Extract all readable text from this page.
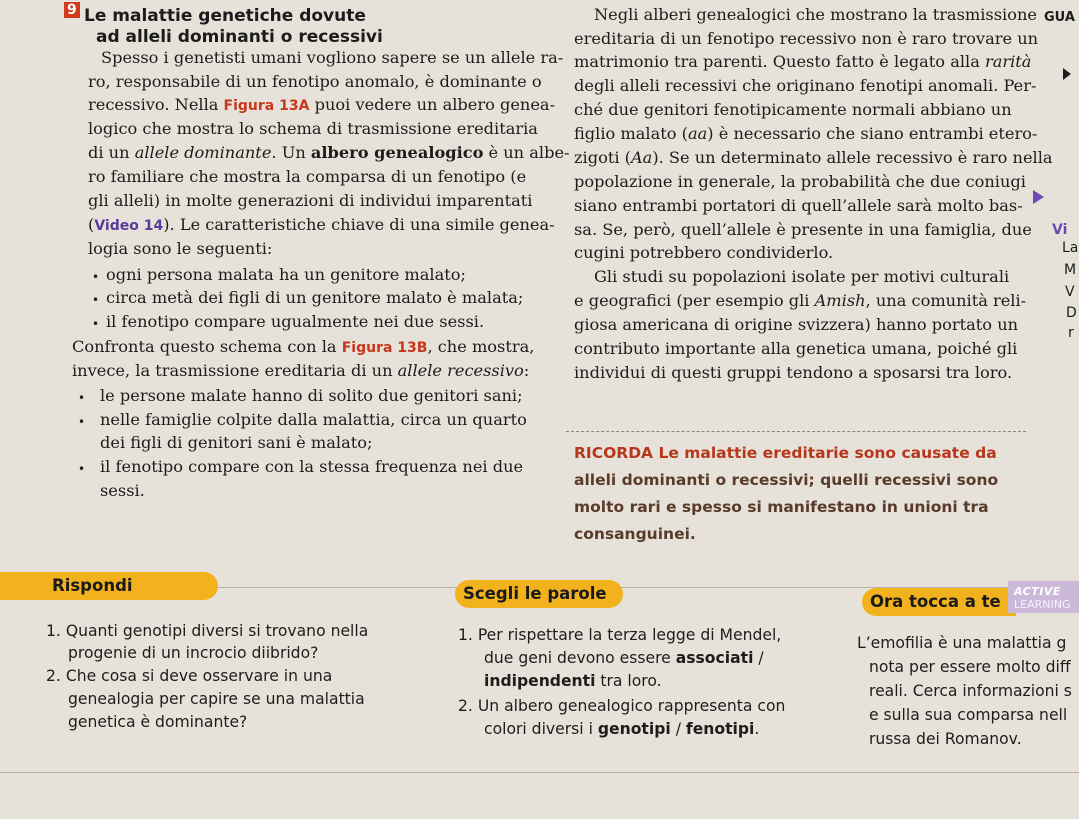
9 Le malattie genetiche dovute
ad alleli dominanti o recessivi
Spesso i genetisti umani vogliono sapere se un allele ra-
ro, responsabile di un fenotipo anomalo, è dominante o
recessivo. Nella Figura 13A puoi vedere un albero genea-
logico che mostra lo schema di trasmissione ereditaria
di un allele dominante. Un albero genealogico è un albe-
ro familiare che mostra la comparsa di un fenotipo (e
gli alleli) in molte generazioni di individui imparentati
(Video 14). Le caratteristiche chiave di una simile genea-
logia sono le seguenti:
• ogni persona malata ha un genitore malato;
• circa metà dei figli di un genitore malato è malata;
• il fenotipo compare ugualmente nei due sessi.
Confronta questo schema con la Figura 13B, che mostra,
invece, la trasmissione ereditaria di un allele recessivo:
• le persone malate hanno di solito due genitori sani;
• nelle famiglie colpite dalla malattia, circa un quarto
dei figli di genitori sani è malato;
• il fenotipo compare con la stessa frequenza nei due
sessi.
Negli alberi genealogici che mostrano la trasmissione
ereditaria di un fenotipo recessivo non è raro trovare un
matrimonio tra parenti. Questo fatto è legato alla rarità
degli alleli recessivi che originano fenotipi anomali. Per-
ché due genitori fenotipicamente normali abbiano un
figlio malato (aa) è necessario che siano entrambi etero-
zigoti (Aa). Se un determinato allele recessivo è raro nella
popolazione in generale, la probabilità che due coniugi
siano entrambi portatori di quell’allele sarà molto bas-
sa. Se, però, quell’allele è presente in una famiglia, due
cugini potrebbero condividerlo.
Gli studi su popolazioni isolate per motivi culturali
e geografici (per esempio gli Amish, una comunità reli-
giosa americana di origine svizzera) hanno portato un
contributo importante alla genetica umana, poiché gli
individui di questi gruppi tendono a sposarsi tra loro.
RICORDA Le malattie ereditarie sono causate da
alleli dominanti o recessivi; quelli recessivi sono
molto rari e spesso si manifestano in unioni tra
consanguinei.
GUA
Vi
La
M
V
D
r
Rispondi	Scegli le parole	Ora tocca a te
ACTIVE
LEARNING
1. Quanti genotipi diversi si trovano nella
progenie di un incrocio diibrido?
2. Che cosa si deve osservare in una
genealogia per capire se una malattia
genetica è dominante?
1. Per rispettare la terza legge di Mendel,
due geni devono essere associati /
indipendenti tra loro.
2. Un albero genealogico rappresenta con
colori diversi i genotipi / fenotipi.
L’emofilia è una malattia g
nota per essere molto diff
reali. Cerca informazioni s
e sulla sua comparsa nell
russa dei Romanov.
